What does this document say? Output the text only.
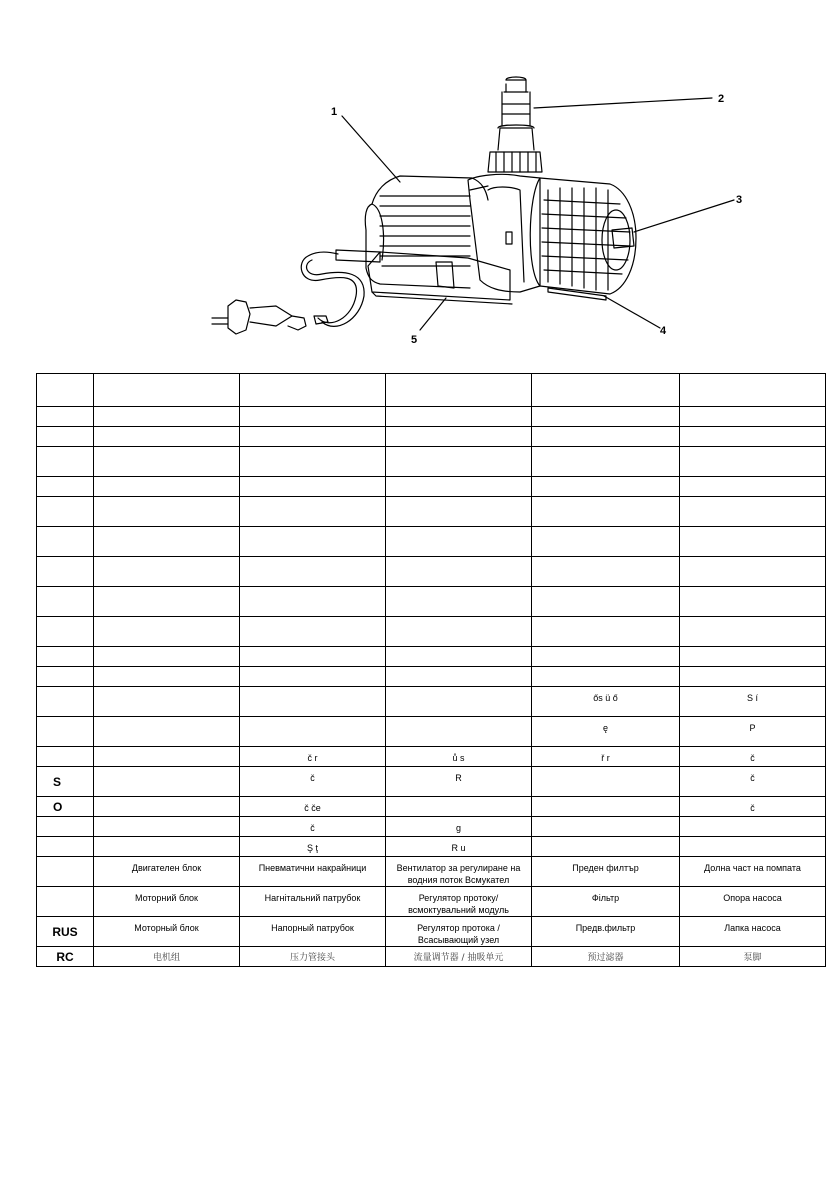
1
2
3
4
5

				ős ü ő	S í
				ę	P
		č r	ů s	ř r	č
S		č	R		č
O		č če			č
		č	g		
		Ş ţ	R u		
	Двигателен блок	Пневматични накрайници	Вентилатор за регулиране на водния поток Всмукател	Преден филтър	Долна част на помпата
	Моторний блок	Нагнітальний патрубок	Регулятор протоку/ всмоктувальний модуль	Фільтр	Опора насоса
RUS	Моторный блок	Напорный патрубок	Регулятор протока / Всасывающий узел	Предв.фильтр	Лапка насоса
RC	电机组	压力管接头	流量调节器 / 抽吸单元	预过滤器	泵脚
